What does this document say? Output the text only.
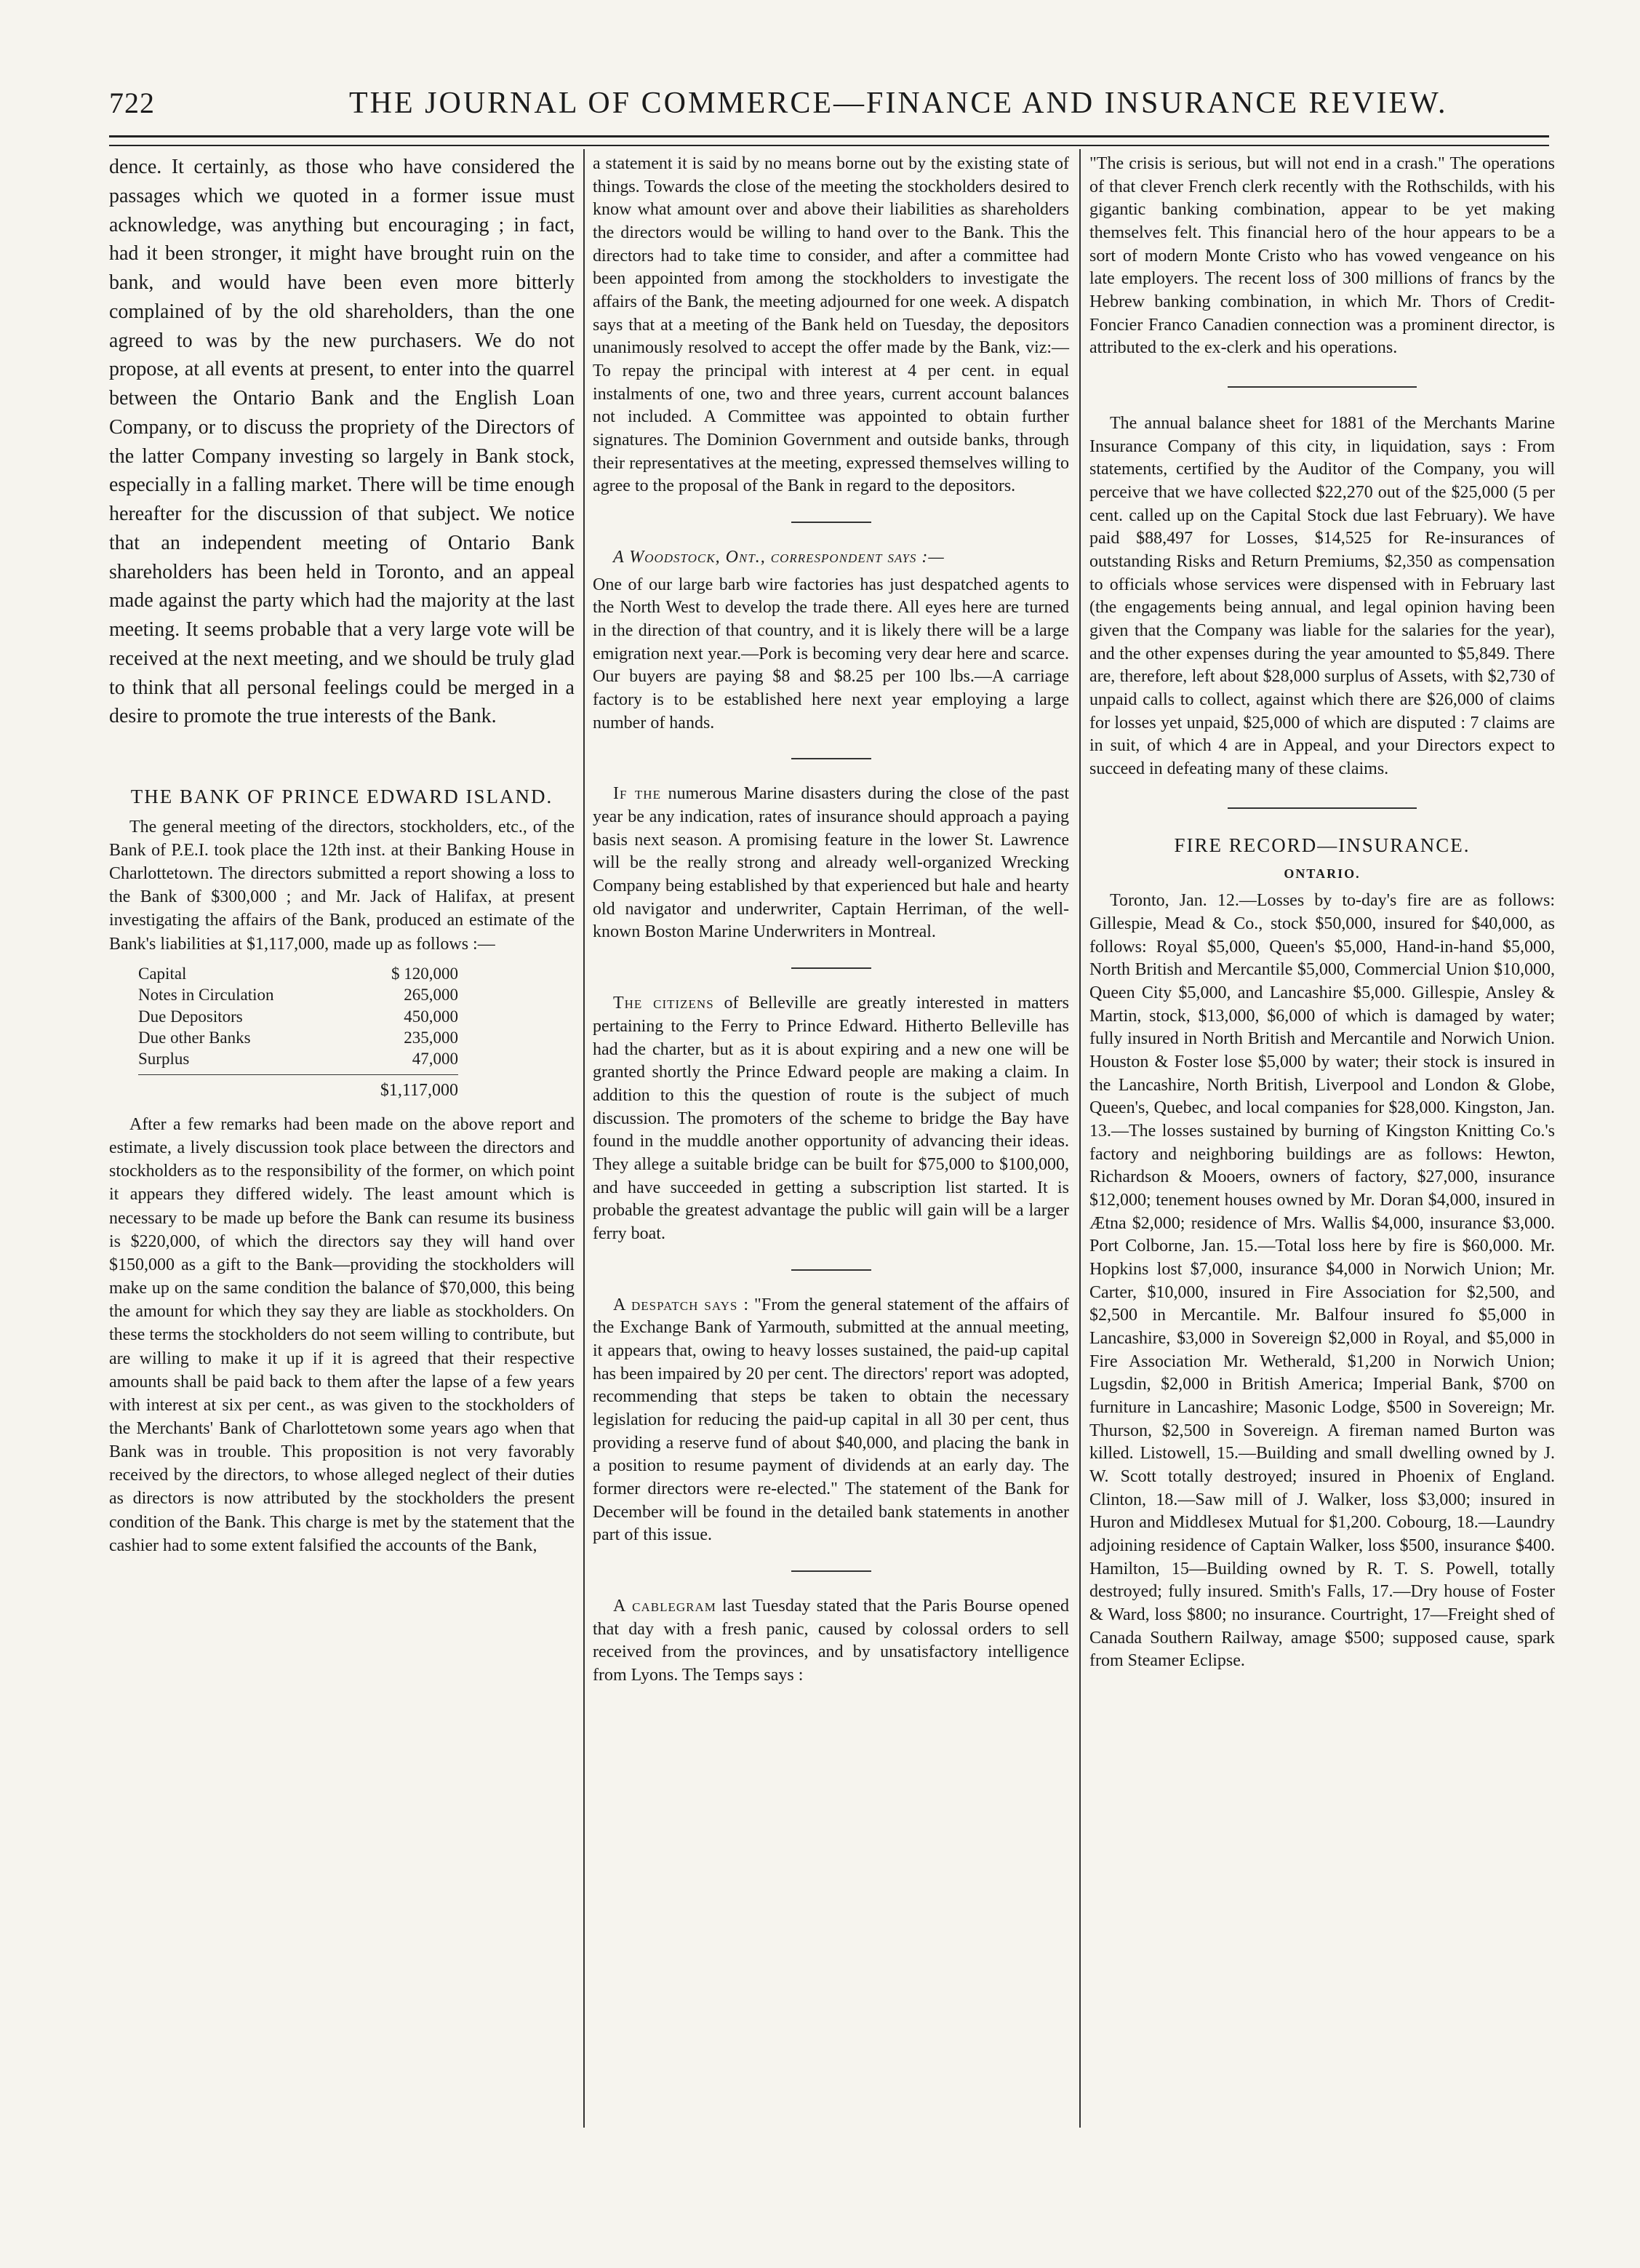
722	THE JOURNAL OF COMMERCE—FINANCE AND INSURANCE REVIEW.

dence. It certainly, as those who have considered the passages which we quoted in a former issue must acknowledge, was anything but encouraging ; in fact, had it been stronger, it might have brought ruin on the bank, and would have been even more bitterly complained of by the old shareholders, than the one agreed to was by the new purchasers. We do not propose, at all events at present, to enter into the quarrel between the Ontario Bank and the English Loan Company, or to discuss the propriety of the Directors of the latter Company investing so largely in Bank stock, especially in a falling market. There will be time enough hereafter for the discussion of that subject. We notice that an independent meeting of Ontario Bank shareholders has been held in Toronto, and an appeal made against the party which had the majority at the last meeting. It seems probable that a very large vote will be received at the next meeting, and we should be truly glad to think that all personal feelings could be merged in a desire to promote the true interests of the Bank.

THE BANK OF PRINCE EDWARD ISLAND.

The general meeting of the directors, stockholders, etc., of the Bank of P.E.I. took place the 12th inst. at their Banking House in Charlottetown. The directors submitted a report showing a loss to the Bank of $300,000 ; and Mr. Jack of Halifax, at present investigating the affairs of the Bank, produced an estimate of the Bank's liabilities at $1,117,000, made up as follows :—

Capital	$ 120,000
Notes in Circulation	265,000
Due Depositors	450,000
Due other Banks	235,000
Surplus	47,000
$1,117,000

After a few remarks had been made on the above report and estimate, a lively discussion took place between the directors and stockholders as to the responsibility of the former, on which point it appears they differed widely. The least amount which is necessary to be made up before the Bank can resume its business is $220,000, of which the directors say they will hand over $150,000 as a gift to the Bank—providing the stockholders will make up on the same condition the balance of $70,000, this being the amount for which they say they are liable as stockholders. On these terms the stockholders do not seem willing to contribute, but are willing to make it up if it is agreed that their respective amounts shall be paid back to them after the lapse of a few years with interest at six per cent., as was given to the stockholders of the Merchants' Bank of Charlottetown some years ago when that Bank was in trouble. This proposition is not very favorably received by the directors, to whose alleged neglect of their duties as directors is now attributed by the stockholders the present condition of the Bank. This charge is met by the statement that the cashier had to some extent falsified the accounts of the Bank,

a statement it is said by no means borne out by the existing state of things. Towards the close of the meeting the stockholders desired to know what amount over and above their liabilities as shareholders the directors would be willing to hand over to the Bank. This the directors had to take time to consider, and after a committee had been appointed from among the stockholders to investigate the affairs of the Bank, the meeting adjourned for one week. A dispatch says that at a meeting of the Bank held on Tuesday, the depositors unanimously resolved to accept the offer made by the Bank, viz:—To repay the principal with interest at 4 per cent. in equal instalments of one, two and three years, current account balances not included. A Committee was appointed to obtain further signatures. The Dominion Government and outside banks, through their representatives at the meeting, expressed themselves willing to agree to the proposal of the Bank in regard to the depositors.

A Woodstock, Ont., correspondent says :—

One of our large barb wire factories has just despatched agents to the North West to develop the trade there. All eyes here are turned in the direction of that country, and it is likely there will be a large emigration next year.—Pork is becoming very dear here and scarce. Our buyers are paying $8 and $8.25 per 100 lbs.—A carriage factory is to be established here next year employing a large number of hands.

If the numerous Marine disasters during the close of the past year be any indication, rates of insurance should approach a paying basis next season. A promising feature in the lower St. Lawrence will be the really strong and already well-organized Wrecking Company being established by that experienced but hale and hearty old navigator and underwriter, Captain Herriman, of the well-known Boston Marine Underwriters in Montreal.

The citizens of Belleville are greatly interested in matters pertaining to the Ferry to Prince Edward. Hitherto Belleville has had the charter, but as it is about expiring and a new one will be granted shortly the Prince Edward people are making a claim. In addition to this the question of route is the subject of much discussion. The promoters of the scheme to bridge the Bay have found in the muddle another opportunity of advancing their ideas. They allege a suitable bridge can be built for $75,000 to $100,000, and have succeeded in getting a subscription list started. It is probable the greatest advantage the public will gain will be a larger ferry boat.

A despatch says : "From the general statement of the affairs of the Exchange Bank of Yarmouth, submitted at the annual meeting, it appears that, owing to heavy losses sustained, the paid-up capital has been impaired by 20 per cent. The directors' report was adopted, recommending that steps be taken to obtain the necessary legislation for reducing the paid-up capital in all 30 per cent, thus providing a reserve fund of about $40,000, and placing the bank in a position to resume payment of dividends at an early day. The former directors were re-elected." The statement of the Bank for December will be found in the detailed bank statements in another part of this issue.

A cablegram last Tuesday stated that the Paris Bourse opened that day with a fresh panic, caused by colossal orders to sell received from the provinces, and by unsatisfactory intelligence from Lyons. The Temps says :

"The crisis is serious, but will not end in a crash." The operations of that clever French clerk recently with the Rothschilds, with his gigantic banking combination, appear to be yet making themselves felt. This financial hero of the hour appears to be a sort of modern Monte Cristo who has vowed vengeance on his late employers. The recent loss of 300 millions of francs by the Hebrew banking combination, in which Mr. Thors of Credit-Foncier Franco Canadien connection was a prominent director, is attributed to the ex-clerk and his operations.

The annual balance sheet for 1881 of the Merchants Marine Insurance Company of this city, in liquidation, says : From statements, certified by the Auditor of the Company, you will perceive that we have collected $22,270 out of the $25,000 (5 per cent. called up on the Capital Stock due last February). We have paid $88,497 for Losses, $14,525 for Re-insurances of outstanding Risks and Return Premiums, $2,350 as compensation to officials whose services were dispensed with in February last (the engagements being annual, and legal opinion having been given that the Company was liable for the salaries for the year), and the other expenses during the year amounted to $5,849. There are, therefore, left about $28,000 surplus of Assets, with $2,730 of unpaid calls to collect, against which there are $26,000 of claims for losses yet unpaid, $25,000 of which are disputed : 7 claims are in suit, of which 4 are in Appeal, and your Directors expect to succeed in defeating many of these claims.

FIRE RECORD—INSURANCE.
ONTARIO.

Toronto, Jan. 12.—Losses by to-day's fire are as follows: Gillespie, Mead & Co., stock $50,000, insured for $40,000, as follows: Royal $5,000, Queen's $5,000, Hand-in-hand $5,000, North British and Mercantile $5,000, Commercial Union $10,000, Queen City $5,000, and Lancashire $5,000. Gillespie, Ansley & Martin, stock, $13,000, $6,000 of which is damaged by water; fully insured in North British and Mercantile and Norwich Union. Houston & Foster lose $5,000 by water; their stock is insured in the Lancashire, North British, Liverpool and London & Globe, Queen's, Quebec, and local companies for $28,000. Kingston, Jan. 13.—The losses sustained by burning of Kingston Knitting Co.'s factory and neighboring buildings are as follows: Hewton, Richardson & Mooers, owners of factory, $27,000, insurance $12,000; tenement houses owned by Mr. Doran $4,000, insured in Ætna $2,000; residence of Mrs. Wallis $4,000, insurance $3,000. Port Colborne, Jan. 15.—Total loss here by fire is $60,000. Mr. Hopkins lost $7,000, insurance $4,000 in Norwich Union; Mr. Carter, $10,000, insured in Fire Association for $2,500, and $2,500 in Mercantile. Mr. Balfour insured fo $5,000 in Lancashire, $3,000 in Sovereign $2,000 in Royal, and $5,000 in Fire Association Mr. Wetherald, $1,200 in Norwich Union; Lugsdin, $2,000 in British America; Imperial Bank, $700 on furniture in Lancashire; Masonic Lodge, $500 in Sovereign; Mr. Thurson, $2,500 in Sovereign. A fireman named Burton was killed. Listowell, 15.—Building and small dwelling owned by J. W. Scott totally destroyed; insured in Phoenix of England. Clinton, 18.—Saw mill of J. Walker, loss $3,000; insured in Huron and Middlesex Mutual for $1,200. Cobourg, 18.—Laundry adjoining residence of Captain Walker, loss $500, insurance $400. Hamilton, 15—Building owned by R. T. S. Powell, totally destroyed; fully insured. Smith's Falls, 17.—Dry house of Foster & Ward, loss $800; no insurance. Courtright, 17—Freight shed of Canada Southern Railway, amage $500; supposed cause, spark from Steamer Eclipse.
